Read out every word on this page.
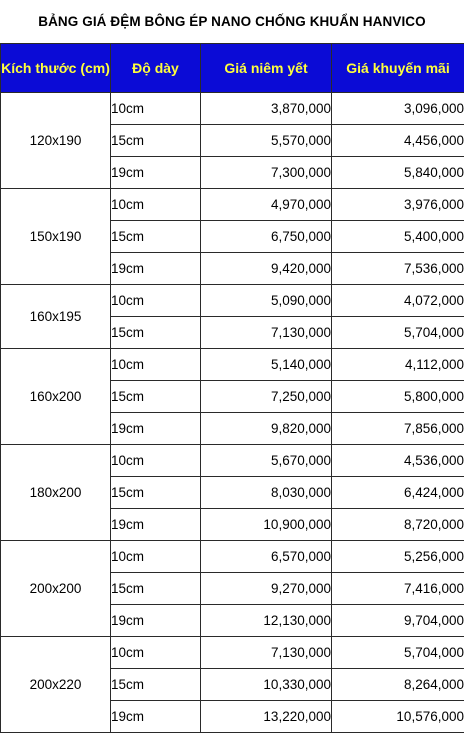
BẢNG GIÁ ĐỆM BÔNG ÉP NANO CHỐNG KHUẨN HANVICO
Kích thước (cm)	Độ dày	Giá niêm yết	Giá khuyến mãi
120x190	10cm	3,870,000	3,096,000
	15cm	5,570,000	4,456,000
	19cm	7,300,000	5,840,000
150x190	10cm	4,970,000	3,976,000
	15cm	6,750,000	5,400,000
	19cm	9,420,000	7,536,000
160x195	10cm	5,090,000	4,072,000
	15cm	7,130,000	5,704,000
160x200	10cm	5,140,000	4,112,000
	15cm	7,250,000	5,800,000
	19cm	9,820,000	7,856,000
180x200	10cm	5,670,000	4,536,000
	15cm	8,030,000	6,424,000
	19cm	10,900,000	8,720,000
200x200	10cm	6,570,000	5,256,000
	15cm	9,270,000	7,416,000
	19cm	12,130,000	9,704,000
200x220	10cm	7,130,000	5,704,000
	15cm	10,330,000	8,264,000
	19cm	13,220,000	10,576,000
